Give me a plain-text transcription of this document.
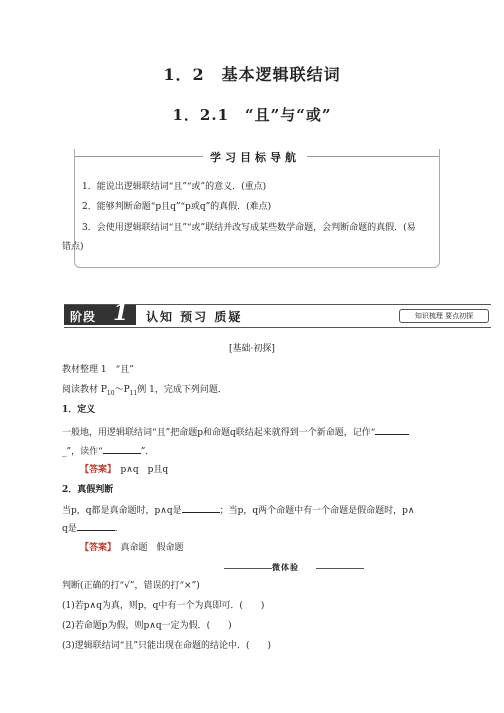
1．2　基本逻辑联结词
1．2.1　“且”与“或”
学习目标导航
1．能说出逻辑联结词“且”“或”的意义．(重点)
2．能够判断命题“p且q”“p或q”的真假．(难点)
3．会使用逻辑联结词“且”“或”联结并改写成某些数学命题，会判断命题的真假．(易
错点)
阶段 1 认知 预习 质疑	知识梳理 要点初探
[基础·初探]
教材整理 1　“且”
阅读教材 $P_{10}\sim P_{11}$例 1，完成下列问题．
1．定义
一般地，用逻辑联结词“且”把命题p和命题q联结起来就得到一个新命题，记作“
_”，读作“	”．
【答案】　 p∧q　p且q
2．真假判断
当p，q都是真命题时，p∧q是	；当p，q两个命题中有一个命题是假命题时，p∧
q是	．
【答案】　 真命题　假命题
微体验
判断(正确的打“√”，错误的打“×”)
(1)若p∧q为真，则p，q中有一个为真即可．(　　)
(2)若命题p为假，则p∧q一定为假．(　　)
(3)逻辑联结词“且”只能出现在命题的结论中．(　　)
